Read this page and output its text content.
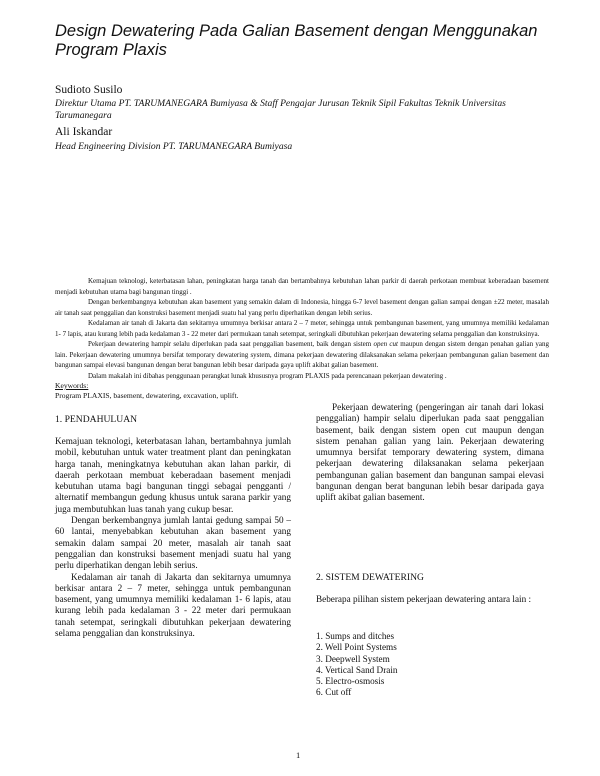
Design Dewatering Pada Galian Basement dengan Menggunakan Program Plaxis
Sudioto Susilo
Direktur Utama PT. TARUMANEGARA Bumiyasa & Staff Pengajar Jurusan Teknik Sipil Fakultas Teknik Universitas Tarumanegara
Ali Iskandar
Head Engineering Division PT. TARUMANEGARA Bumiyasa

Kemajuan teknologi, keterbatasan lahan, peningkatan harga tanah dan bertambahnya kebutuhan lahan parkir di daerah perkotaan membuat keberadaan basement menjadi kebutuhan utama bagi bangunan tinggi .

Dengan berkembangnya kebutuhan akan basement yang semakin dalam di Indonesia, hingga 6-7 level basement dengan galian sampai dengan ±22 meter, masalah air tanah saat penggalian dan konstruksi basement menjadi suatu hal yang perlu diperhatikan dengan lebih serius.

Kedalaman air tanah di Jakarta dan sekitarnya umumnya berkisar antara 2 – 7 meter, sehingga untuk pembangunan basement, yang umumnya memiliki kedalaman 1- 7 lapis, atau kurang lebih pada kedalaman 3 - 22 meter dari permukaan tanah setempat, seringkali dibutuhkan pekerjaan dewatering selama penggalian dan konstruksinya.

Pekerjaan dewatering hampir selalu diperlukan pada saat penggalian basement, baik dengan sistem open cut maupun dengan sistem dengan penahan galian yang lain. Pekerjaan dewatering umumnya bersifat temporary dewatering system, dimana pekerjaan dewatering dilaksanakan selama pekerjaan pembangunan galian basement dan bangunan sampai elevasi bangunan dengan berat bangunan lebih besar daripada gaya uplift akibat galian basement.

Dalam makalah ini dibahas penggunaan perangkat lunak khususnya program PLAXIS pada perencanaan pekerjaan dewatering .

Keywords:
Program PLAXIS, basement, dewatering, excavation, uplift.
1. PENDAHULUAN

Kemajuan teknologi, keterbatasan lahan, bertambahnya jumlah mobil, kebutuhan untuk water treatment plant dan peningkatan harga tanah, meningkatnya kebutuhan akan lahan parkir, di daerah perkotaan membuat keberadaan basement menjadi kebutuhan utama bagi bangunan tinggi sebagai pengganti / alternatif membangun gedung khusus untuk sarana parkir yang juga membutuhkan luas tanah yang cukup besar.

Dengan berkembangnya jumlah lantai gedung sampai 50 – 60 lantai, menyebabkan kebutuhan akan basement yang semakin dalam sampai 20 meter, masalah air tanah saat penggalian dan konstruksi basement menjadi suatu hal yang perlu diperhatikan dengan lebih serius.

Kedalaman air tanah di Jakarta dan sekitarnya umumnya berkisar antara 2 – 7 meter, sehingga untuk pembangunan basement, yang umumnya memiliki kedalaman 1- 6 lapis, atau kurang lebih pada kedalaman 3 - 22 meter dari permukaan tanah setempat, seringkali dibutuhkan pekerjaan dewatering selama penggalian dan konstruksinya.

Pekerjaan dewatering (pengeringan air tanah dari lokasi penggalian) hampir selalu diperlukan pada saat penggalian basement, baik dengan sistem open cut maupun dengan sistem penahan galian yang lain. Pekerjaan dewatering umumnya bersifat temporary dewatering system, dimana pekerjaan dewatering dilaksanakan selama pekerjaan pembangunan galian basement dan bangunan sampai elevasi bangunan dengan berat bangunan lebih besar daripada gaya uplift akibat galian basement.

2. SISTEM DEWATERING
Beberapa pilihan sistem pekerjaan dewatering antara lain :
1. Sumps and ditches
2. Well Point Systems
3. Deepwell System
4. Vertical Sand Drain
5. Electro-osmosis
6. Cut off
1
